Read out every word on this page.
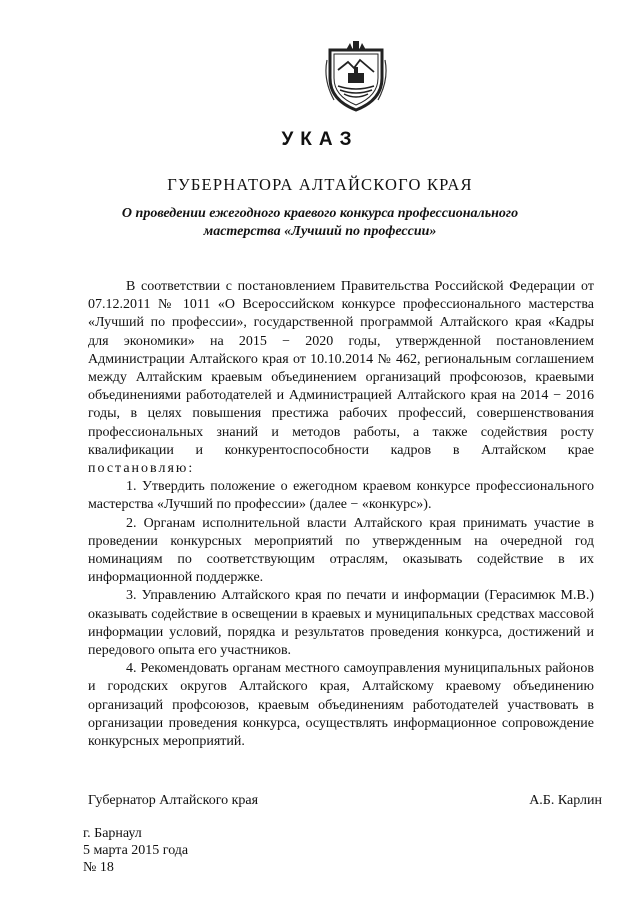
УКАЗ
ГУБЕРНАТОРА АЛТАЙСКОГО КРАЯ
О проведении ежегодного краевого конкурса профессионального мастерства «Лучший по профессии»

В соответствии с постановлением Правительства Российской Федерации от 07.12.2011 № 1011 «О Всероссийском конкурсе профессионального мастерства «Лучший по профессии», государственной программой Алтайского края «Кадры для экономики» на 2015 − 2020 годы, утвержденной постановлением Администрации Алтайского края от 10.10.2014 № 462, региональным соглашением между Алтайским краевым объединением организаций профсоюзов, краевыми объединениями работодателей и Администрацией Алтайского края на 2014 − 2016 годы, в целях повышения престижа рабочих профессий, совершенствования профессиональных знаний и методов работы, а также содействия росту квалификации и конкурентоспособности кадров в Алтайском крае постановляю:

1. Утвердить положение о ежегодном краевом конкурсе профессионального мастерства «Лучший по профессии» (далее − «конкурс»).

2. Органам исполнительной власти Алтайского края принимать участие в проведении конкурсных мероприятий по утвержденным на очередной год номинациям по соответствующим отраслям, оказывать содействие в их информационной поддержке.

3. Управлению Алтайского края по печати и информации (Герасимюк М.В.) оказывать содействие в освещении в краевых и муниципальных средствах массовой информации условий, порядка и результатов проведения конкурса, достижений и передового опыта его участников.

4. Рекомендовать органам местного самоуправления муниципальных районов и городских округов Алтайского края, Алтайскому краевому объединению организаций профсоюзов, краевым объединениям работодателей участвовать в организации проведения конкурса, осуществлять информационное сопровождение конкурсных мероприятий.

Губернатор Алтайского края	А.Б. Карлин
г. Барнаул
5 марта 2015 года
№ 18
